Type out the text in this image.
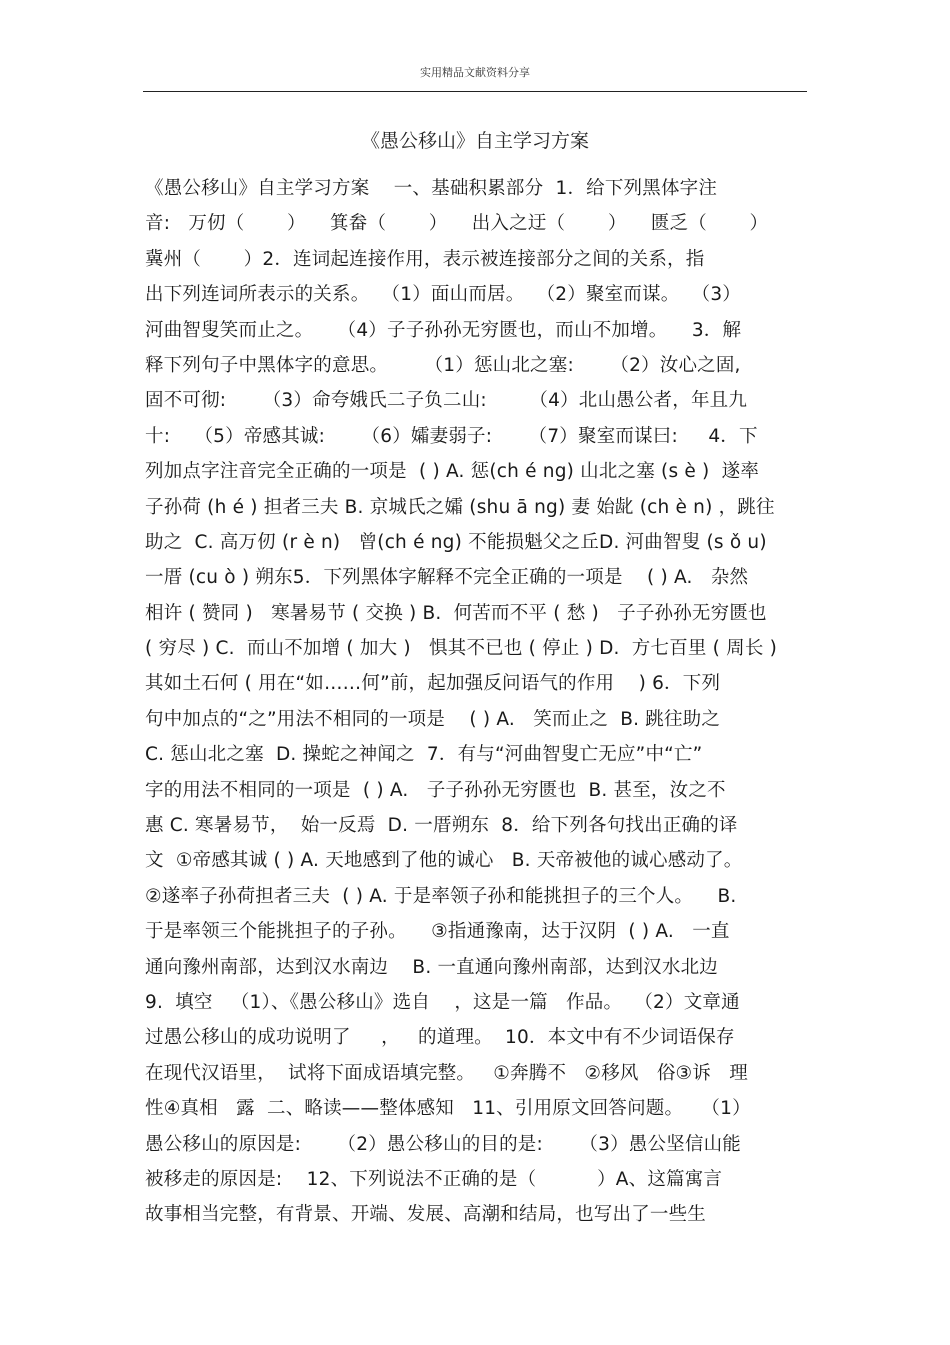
实用精品文献资料分享
《愚公移山》自主学习方案
《愚公移山》自主学习方案    一、基础积累部分  1．给下列黑体字注
音:   万仞（       ）    箕畚（       ）    出入之迂（       ）    匮乏（       ）
冀州（       ）2．连词起连接作用，表示被连接部分之间的关系，指
出下列连词所表示的关系。  （1）面山而居。  （2）聚室而谋。  （3）
河曲智叟笑而止之。    （4）子子孙孙无穷匮也，而山不加增。    3．解
释下列句子中黑体字的意思。      （1）惩山北之塞:      （2）汝心之固,
固不可彻:      （3）命夸娥氏二子负二山:       （4）北山愚公者，年且九
十:    （5）帝感其诚:      （6）孀妻弱子:      （7）聚室而谋曰:     4．下
列加点字注音完全正确的一项是  ( ) A. 惩(ch é ng) 山北之塞 (s è )  遂率
子孙荷 (h é ) 担者三夫 B. 京城氏之孀 (shu ā ng) 妻 始龀 (ch è n) ，跳往
助之  C. 高万仞 (r è n)   曾(ch é ng) 不能损魁父之丘D. 河曲智叟 (s ǒ u)
一厝 (cu ò ) 朔东5．下列黑体字解释不完全正确的一项是    ( ) A.   杂然
相许 ( 赞同 )   寒暑易节 ( 交换 ) B.  何苦而不平 ( 愁 )   子子孙孙无穷匮也
( 穷尽 ) C.  而山不加增 ( 加大 )   惧其不已也 ( 停止 ) D.  方七百里 ( 周长 )
其如土石何 ( 用在“如……何”前，起加强反问语气的作用    ) 6．下列
句中加点的“之”用法不相同的一项是    ( ) A.   笑而止之  B. 跳往助之
C. 惩山北之塞  D. 操蛇之神闻之  7．有与“河曲智叟亡无应”中“亡”
字的用法不相同的一项是  ( ) A.   子子孙孙无穷匮也  B. 甚至，汝之不
惠 C. 寒暑易节，  始一反焉  D. 一厝朔东  8．给下列各句找出正确的译
文  ①帝感其诚 ( ) A. 天地感到了他的诚心   B. 天帝被他的诚心感动了。
②遂率子孙荷担者三夫  ( ) A. 于是率领子孙和能挑担子的三个人。    B.
于是率领三个能挑担子的子孙。    ③指通豫南，达于汉阴  ( ) A.   一直
通向豫州南部，达到汉水南边    B. 一直通向豫州南部，达到汉水北边
9.  填空   （1）、《愚公移山》选自    ，这是一篇   作品。  （2）文章通
过愚公移山的成功说明了     ，   的道理。  10．本文中有不少词语保存
在现代汉语里，  试将下面成语填完整。   ①奔腾不   ②移风   俗③诉   理
性④真相   露  二、略读——整体感知   11、引用原文回答问题。   （1）
愚公移山的原因是:      （2）愚公移山的目的是:      （3）愚公坚信山能
被移走的原因是:    12、下列说法不正确的是（          ）A、这篇寓言
故事相当完整，有背景、开端、发展、高潮和结局，也写出了一些生
